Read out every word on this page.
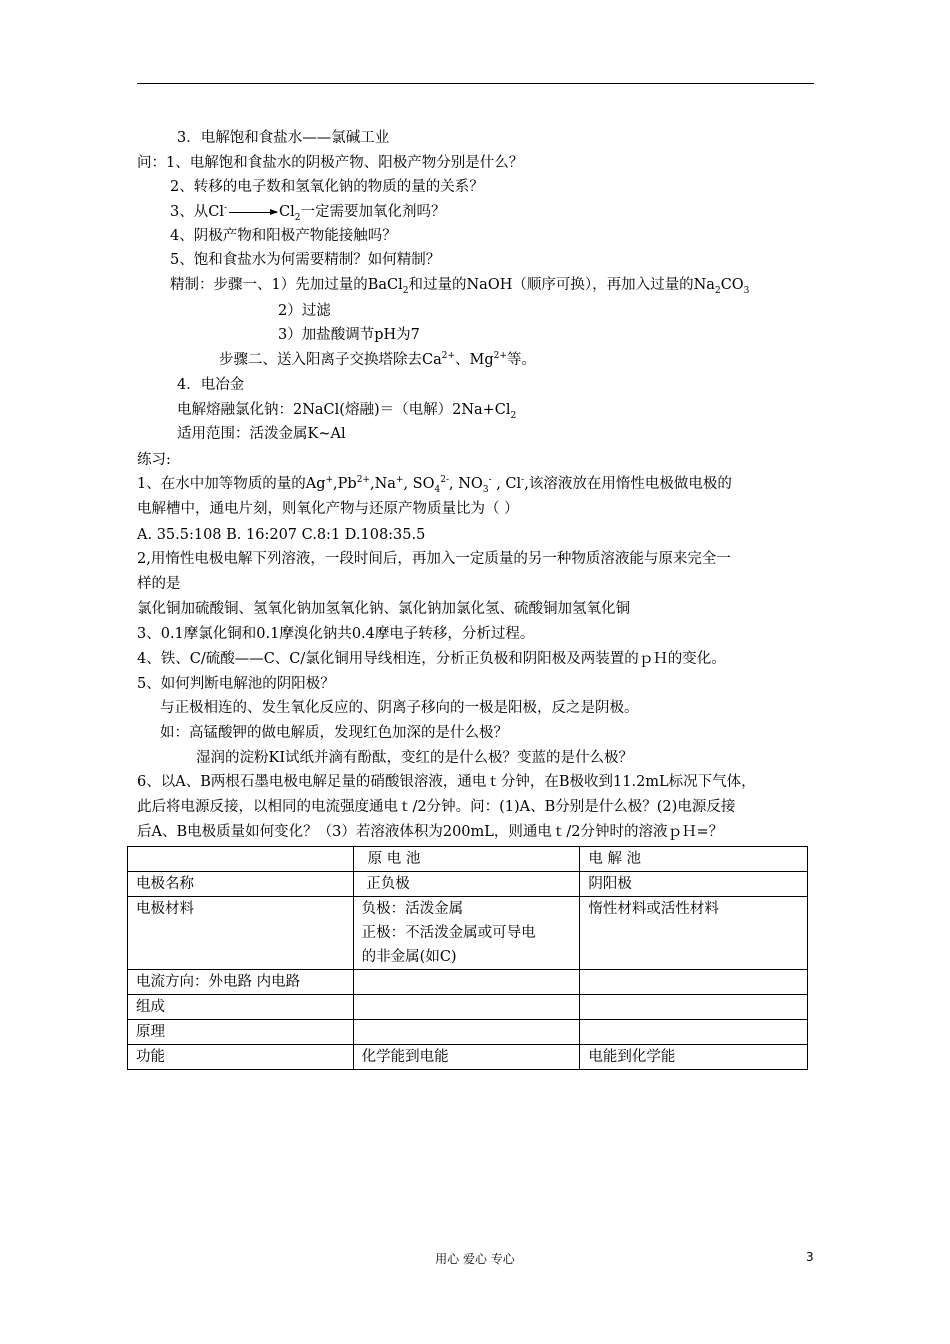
3．电解饱和食盐水——氯碱工业
问：1、电解饱和食盐水的阴极产物、阳极产物分别是什么？
2、转移的电子数和氢氧化钠的物质的量的关系？
3、从Cl-	$Cl_2$一定需要加氧化剂吗？
4、阴极产物和阳极产物能接触吗？
5、饱和食盐水为何需要精制？如何精制？
精制：步骤一、1）先加过量的BaCl$_2$和过量的NaOH（顺序可换），再加入过量的$Na_2CO_3$
2）过滤
3）加盐酸调节pH为7
步骤二、送入阳离子交换塔除去$Ca^{2+}$、$Mg^{2+}$等。
4．电冶金
电解熔融氯化钠：2NaCl(熔融)＝（电解）$2Na+Cl_2$
适用范围：活泼金属K~Al
练习:
1、在水中加等物质的量的$Ag^+,Pb^{2+},Na^+$, $SO_4^{2-}$, $NO_3^-$ , Cl-,该溶液放在用惰性电极做电极的
电解槽中，通电片刻，则氧化产物与还原产物质量比为（ ）
A. 35.5:108 B. 16:207 C.8:1 D.108:35.5
2,用惰性电极电解下列溶液，一段时间后，再加入一定质量的另一种物质溶液能与原来完全一
样的是
氯化铜加硫酸铜、氢氧化钠加氢氧化钠、氯化钠加氯化氢、硫酸铜加氢氧化铜
3、0.1摩氯化铜和0.1摩溴化钠共0.4摩电子转移，分析过程。
4、铁、C/硫酸——C、C/氯化铜用导线相连，分析正负极和阴阳极及两装置的ｐＨ的变化。
5、如何判断电解池的阴阳极？
与正极相连的、发生氧化反应的、阴离子移向的一极是阳极，反之是阴极。
如：高锰酸钾的做电解质，发现红色加深的是什么极？
湿润的淀粉KI试纸并滴有酚酞，变红的是什么极？变蓝的是什么极？
6、以A、B两根石墨电极电解足量的硝酸银溶液，通电ｔ分钟，在B极收到11.2mL标况下气体，
此后将电源反接，以相同的电流强度通电ｔ/2分钟。问：(1)A、B分别是什么极？(2)电源反接
后A、B电极质量如何变化？（3）若溶液体积为200mL，则通电ｔ/2分钟时的溶液ｐＨ=？
	原 电 池	电 解 池
电极名称	正负极	阴阳极
电极材料	负极：活泼金属
正极：不活泼金属或可导电
的非金属(如C)	惰性材料或活性材料
电流方向：外电路 内电路		
组成		
原理		
功能	化学能到电能	电能到化学能
用心 爱心 专心	3
